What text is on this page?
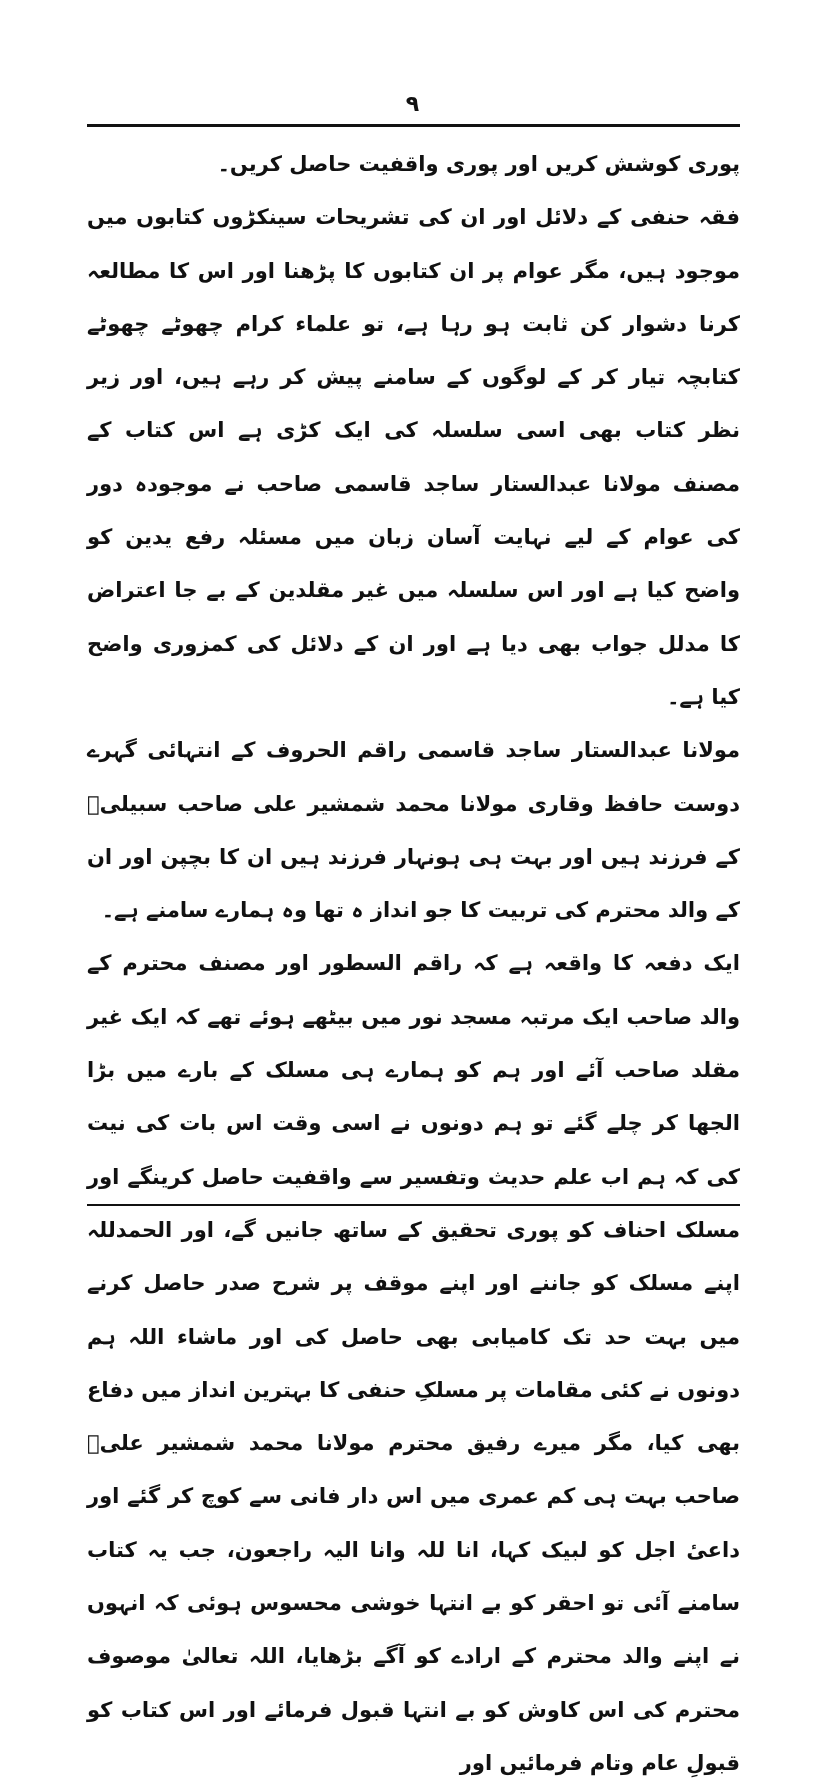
۹

پوری کوشش کریں اور پوری واقفیت حاصل کریں۔

فقہ حنفی کے دلائل اور ان کی تشریحات سینکڑوں کتابوں میں موجود ہیں، مگر عوام پر ان کتابوں کا پڑھنا اور اس کا مطالعہ کرنا دشوار کن ثابت ہو رہا ہے، تو علماء کرام چھوٹے چھوٹے کتابچہ تیار کر کے لوگوں کے سامنے پیش کر رہے ہیں، اور زیر نظر کتاب بھی اسی سلسلہ کی ایک کڑی ہے اس کتاب کے مصنف مولانا عبدالستار ساجد قاسمی صاحب نے موجودہ دور کی عوام کے لیے نہایت آسان زبان میں مسئلہ رفع یدین کو واضح کیا ہے اور اس سلسلہ میں غیر مقلدین کے بے جا اعتراض کا مدلل جواب بھی دیا ہے اور ان کے دلائل کی کمزوری واضح کیا ہے۔

مولانا عبدالستار ساجد قاسمی راقم الحروف کے انتہائی گہرے دوست حافظ وقاری مولانا محمد شمشیر علی صاحب سبیلیؒ کے فرزند ہیں اور بہت ہی ہونہار فرزند ہیں ان کا بچپن اور ان کے والد محترم کی تربیت کا جو انداز ہ تھا وہ ہمارے سامنے ہے۔

ایک دفعہ کا واقعہ ہے کہ راقم السطور اور مصنف محترم کے والد صاحب ایک مرتبہ مسجد نور میں بیٹھے ہوئے تھے کہ ایک غیر مقلد صاحب آئے اور ہم کو ہمارے ہی مسلک کے بارے میں بڑا الجھا کر چلے گئے تو ہم دونوں نے اسی وقت اس بات کی نیت کی کہ ہم اب علم حدیث وتفسیر سے واقفیت حاصل کرینگے اور مسلک احناف کو پوری تحقیق کے ساتھ جانیں گے، اور الحمدللہ اپنے مسلک کو جاننے اور اپنے موقف پر شرح صدر حاصل کرنے میں بہت حد تک کامیابی بھی حاصل کی اور ماشاء اللہ ہم دونوں نے کئی مقامات پر مسلکِ حنفی کا بہترین انداز میں دفاع بھی کیا، مگر میرے رفیق محترم مولانا محمد شمشیر علیؒ صاحب بہت ہی کم عمری میں اس دار فانی سے کوچ کر گئے اور داعیٔ اجل کو لبیک کہا، انا للہ وانا الیہ راجعون، جب یہ کتاب سامنے آئی تو احقر کو بے انتہا خوشی محسوس ہوئی کہ انہوں نے اپنے والد محترم کے ارادے کو آگے بڑھایا، اللہ تعالیٰ موصوف محترم کی اس کاوش کو بے انتہا قبول فرمائے اور اس کتاب کو قبولِ عام وتام فرمائیں اور
